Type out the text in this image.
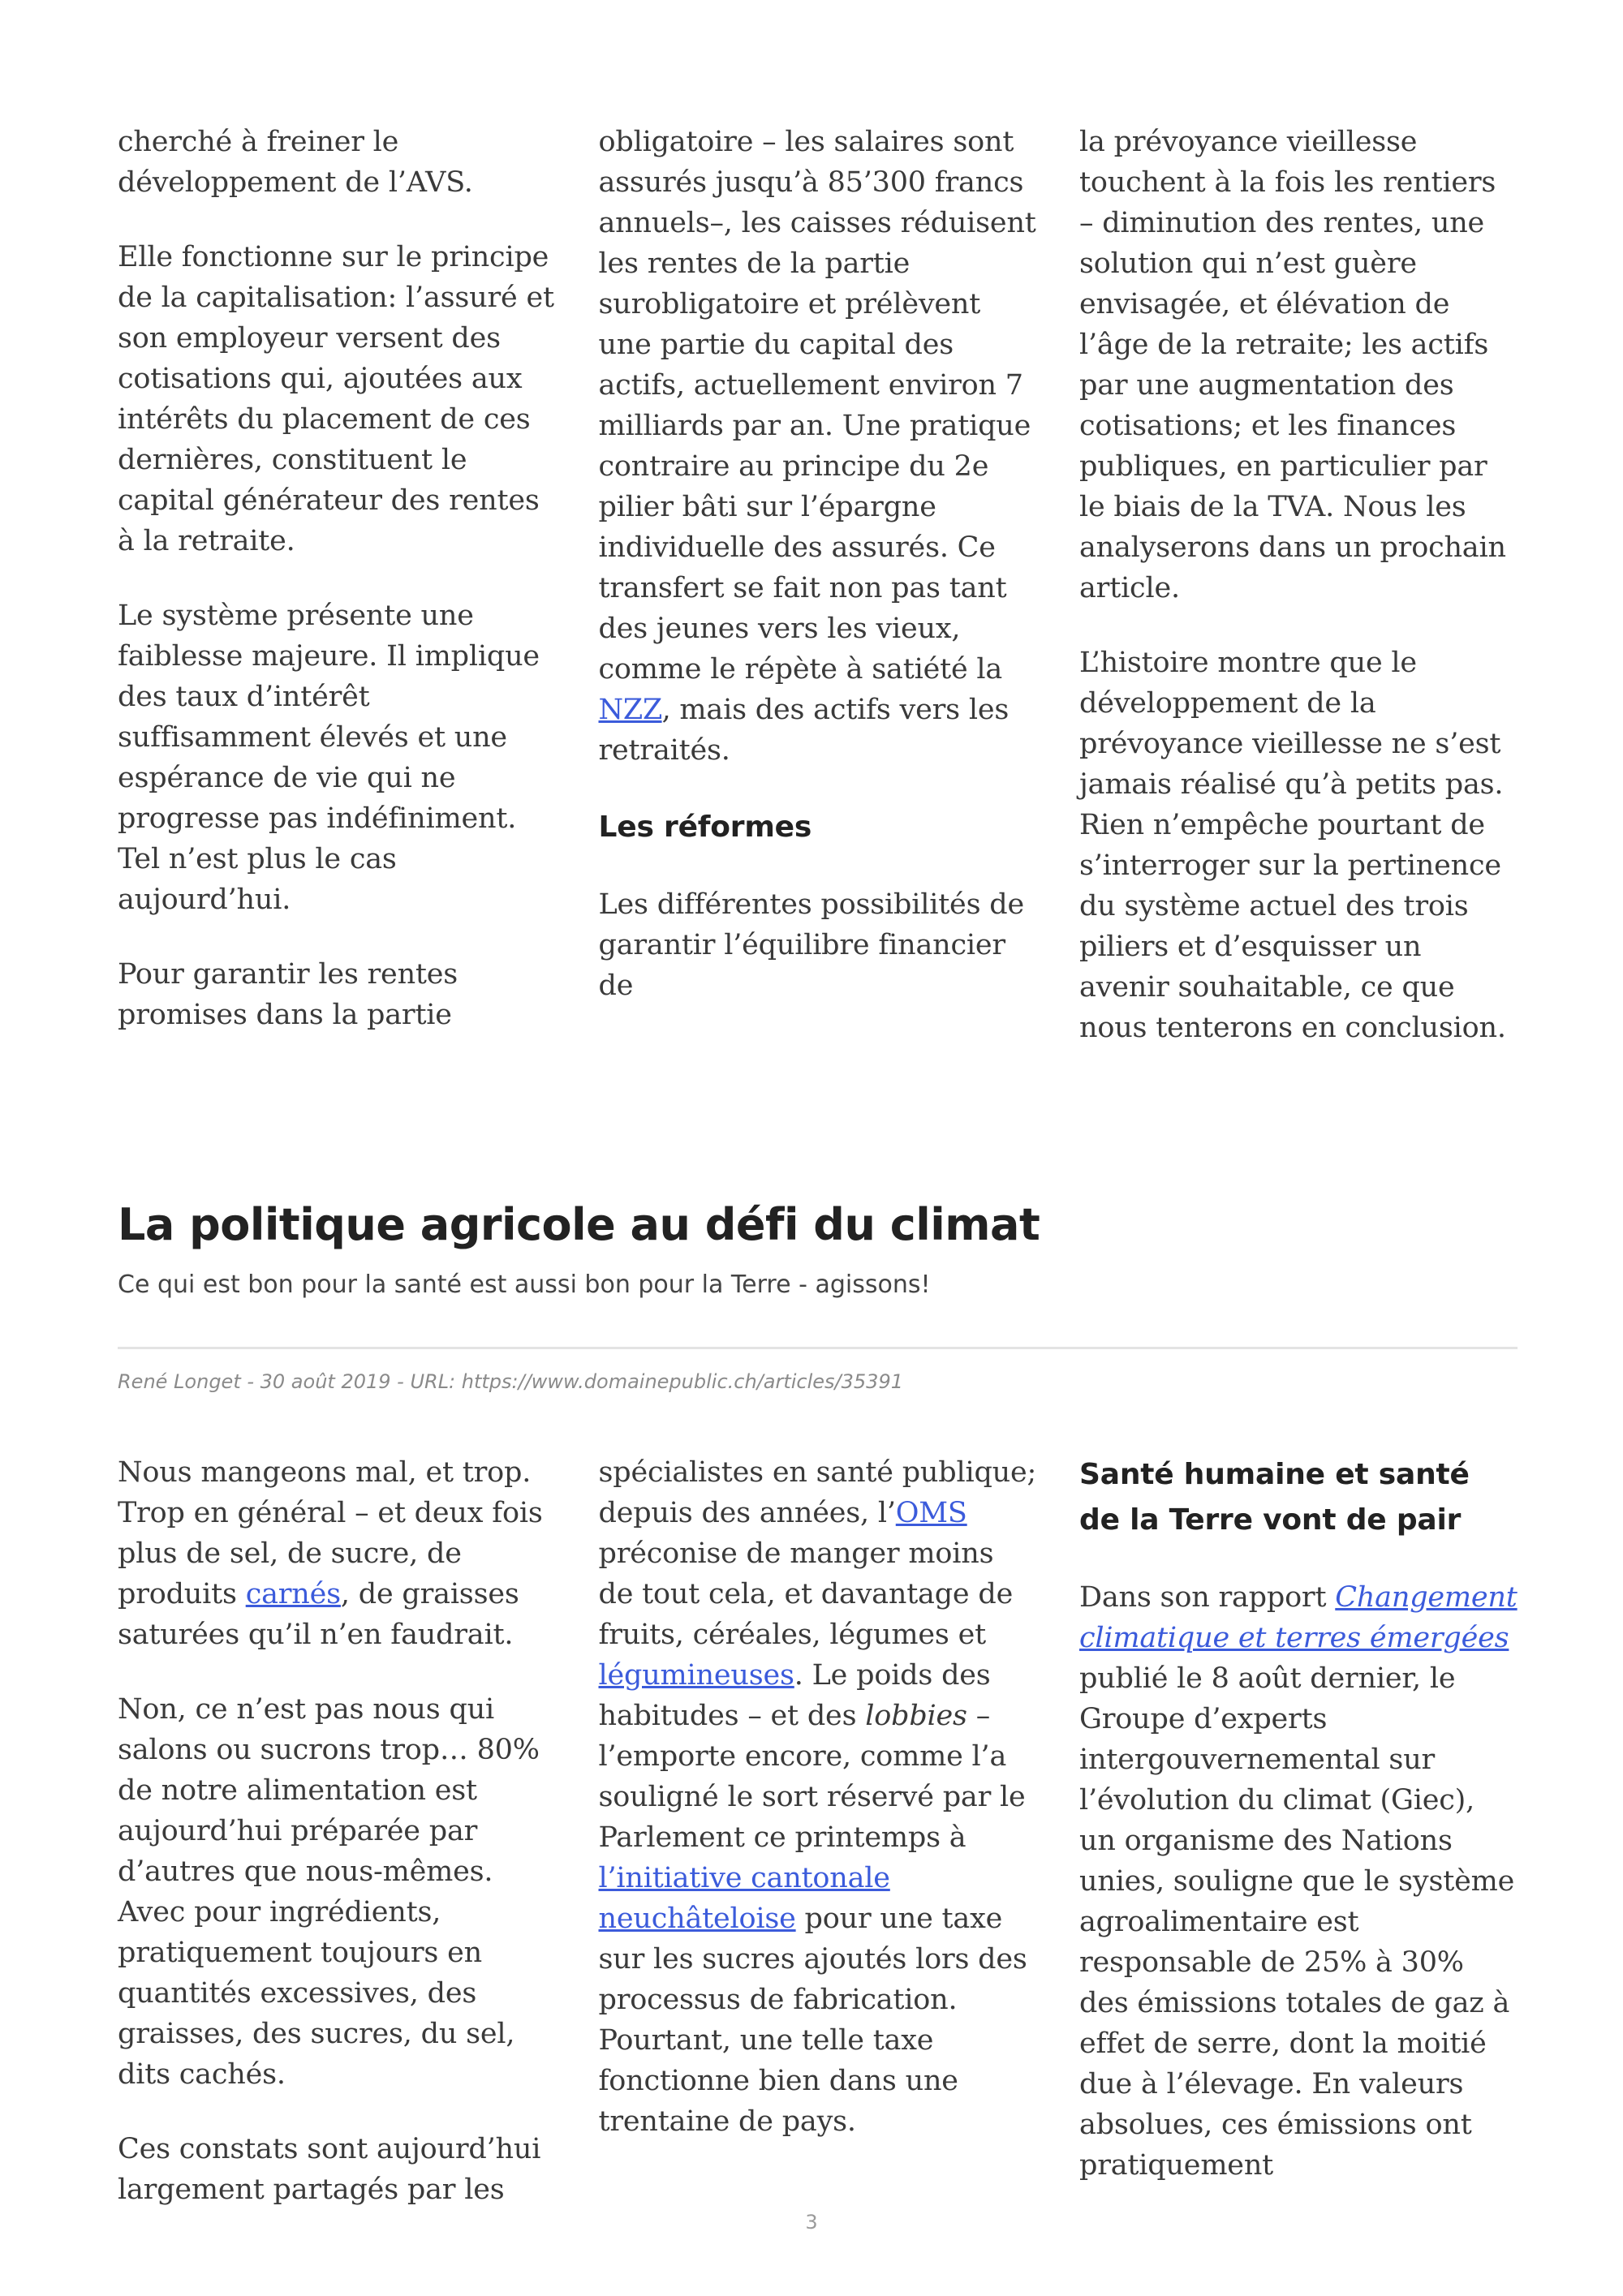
cherché à freiner le développement de l’AVS.

Elle fonctionne sur le principe de la capitalisation: l’assuré et son employeur versent des cotisations qui, ajoutées aux intérêts du placement de ces dernières, constituent le capital générateur des rentes à la retraite.

Le système présente une faiblesse majeure. Il implique des taux d’intérêt suffisamment élevés et une espérance de vie qui ne progresse pas indéfiniment. Tel n’est plus le cas aujourd’hui.

Pour garantir les rentes promises dans la partie

obligatoire – les salaires sont assurés jusqu’à 85’300 francs annuels–, les caisses réduisent les rentes de la partie surobligatoire et prélèvent une partie du capital des actifs, actuellement environ 7 milliards par an. Une pratique contraire au principe du 2e pilier bâti sur l’épargne individuelle des assurés. Ce transfert se fait non pas tant des jeunes vers les vieux, comme le répète à satiété la NZZ, mais des actifs vers les retraités.

Les réformes

Les différentes possibilités de garantir l’équilibre financier de

la prévoyance vieillesse touchent à la fois les rentiers – diminution des rentes, une solution qui n’est guère envisagée, et élévation de l’âge de la retraite; les actifs par une augmentation des cotisations; et les finances publiques, en particulier par le biais de la TVA. Nous les analyserons dans un prochain article.

L’histoire montre que le développement de la prévoyance vieillesse ne s’est jamais réalisé qu’à petits pas. Rien n’empêche pourtant de s’interroger sur la pertinence du système actuel des trois piliers et d’esquisser un avenir souhaitable, ce que nous tenterons en conclusion.

La politique agricole au défi du climat

Ce qui est bon pour la santé est aussi bon pour la Terre - agissons!

René Longet - 30 août 2019 - URL: https://www.domainepublic.ch/articles/35391

Nous mangeons mal, et trop. Trop en général – et deux fois plus de sel, de sucre, de produits carnés, de graisses saturées qu’il n’en faudrait.

Non, ce n’est pas nous qui salons ou sucrons trop… 80% de notre alimentation est aujourd’hui préparée par d’autres que nous-mêmes. Avec pour ingrédients, pratiquement toujours en quantités excessives, des graisses, des sucres, du sel, dits cachés.

Ces constats sont aujourd’hui largement partagés par les

spécialistes en santé publique; depuis des années, l’OMS préconise de manger moins de tout cela, et davantage de fruits, céréales, légumes et légumineuses. Le poids des habitudes – et des lobbies – l’emporte encore, comme l’a souligné le sort réservé par le Parlement ce printemps à l’initiative cantonale neuchâteloise pour une taxe sur les sucres ajoutés lors des processus de fabrication. Pourtant, une telle taxe fonctionne bien dans une trentaine de pays.

Santé humaine et santé de la Terre vont de pair

Dans son rapport Changement climatique et terres émergées publié le 8 août dernier, le Groupe d’experts intergouvernemental sur l’évolution du climat (Giec), un organisme des Nations unies, souligne que le système agroalimentaire est responsable de 25% à 30% des émissions totales de gaz à effet de serre, dont la moitié due à l’élevage. En valeurs absolues, ces émissions ont pratiquement

3
